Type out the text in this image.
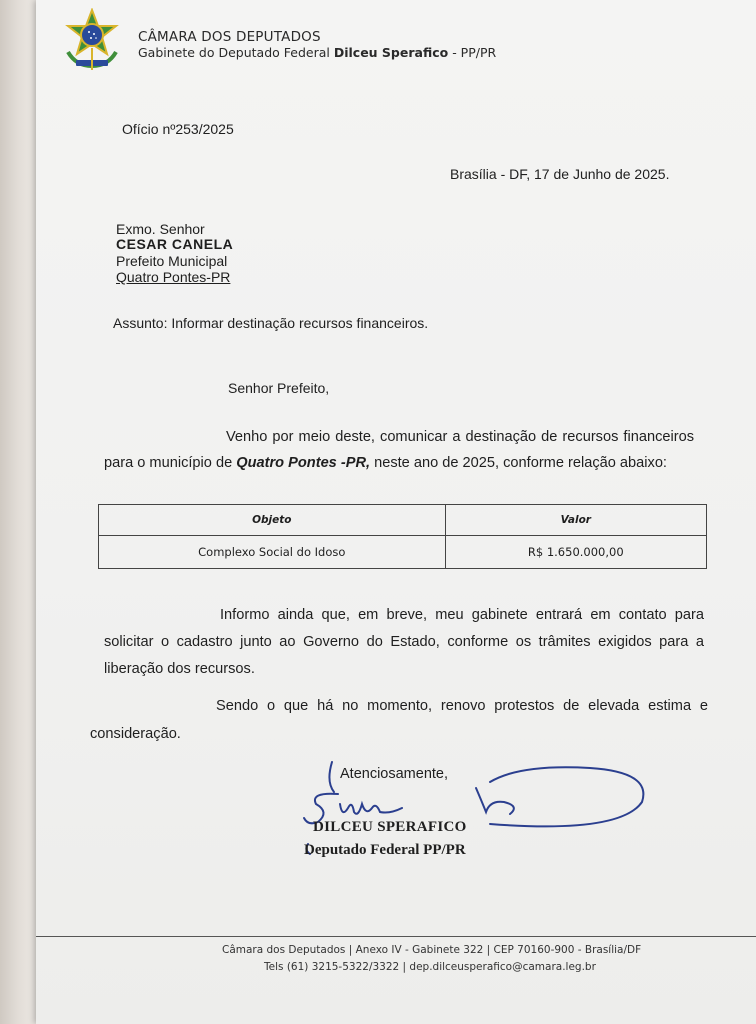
CÂMARA DOS DEPUTADOS

Gabinete do Deputado Federal Dilceu Sperafico - PP/PR

Ofício nº253/2025

Brasília - DF, 17 de Junho de 2025.

Exmo. Senhor

CESAR CANELA

Prefeito Municipal

Quatro Pontes-PR

Assunto: Informar destinação recursos financeiros.

Senhor Prefeito,

Venho por meio deste, comunicar a destinação de recursos financeiros para o município de Quatro Pontes -PR, neste ano de 2025, conforme relação abaixo:

Objeto	Valor
Complexo Social do Idoso	R$ 1.650.000,00

Informo ainda que, em breve, meu gabinete entrará em contato para solicitar o cadastro junto ao Governo do Estado, conforme os trâmites exigidos para a liberação dos recursos.

Sendo o que há no momento, renovo protestos de elevada estima e consideração.

Atenciosamente,

DILCEU SPERAFICO

Deputado Federal PP/PR

Câmara dos Deputados | Anexo IV - Gabinete 322 | CEP 70160-900 - Brasília/DF

Tels (61) 3215-5322/3322 | dep.dilceusperafico@camara.leg.br
